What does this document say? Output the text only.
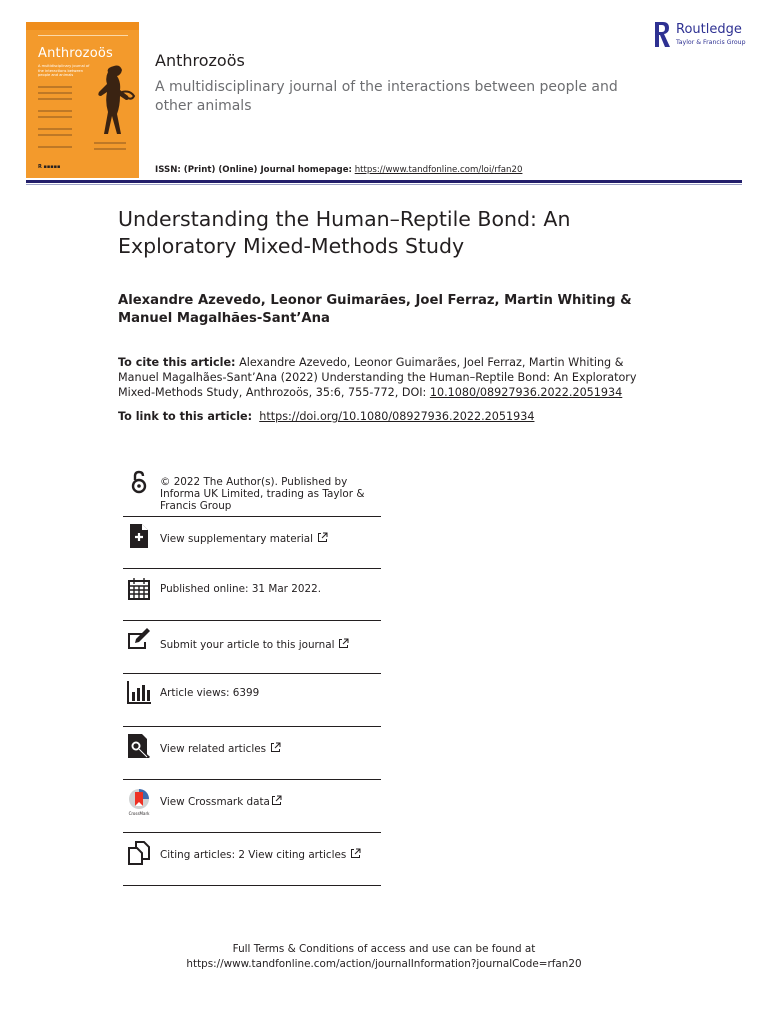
Anthrozoös
A multidisciplinary journal of the interactions between people and animals
R ▪▪▪▪▪
Anthrozoös
A multidisciplinary journal of the interactions between people and other animals
ISSN: (Print) (Online) Journal homepage: https://www.tandfonline.com/loi/rfan20
Routledge
Taylor & Francis Group
Understanding the Human–Reptile Bond: An Exploratory Mixed-Methods Study
Alexandre Azevedo, Leonor Guimarães, Joel Ferraz, Martin Whiting & Manuel Magalhães-Sant’Ana
To cite this article: Alexandre Azevedo, Leonor Guimarães, Joel Ferraz, Martin Whiting & Manuel Magalhães-Sant’Ana (2022) Understanding the Human–Reptile Bond: An Exploratory Mixed-Methods Study, Anthrozoös, 35:6, 755-772, DOI: 10.1080/08927936.2022.2051934
To link to this article: https://doi.org/10.1080/08927936.2022.2051934
© 2022 The Author(s). Published by Informa UK Limited, trading as Taylor & Francis Group
View supplementary material
Published online: 31 Mar 2022.
Submit your article to this journal
Article views: 6399
View related articles
CrossMark
View Crossmark data
Citing articles: 2 View citing articles
Full Terms & Conditions of access and use can be found at
https://www.tandfonline.com/action/journalInformation?journalCode=rfan20
